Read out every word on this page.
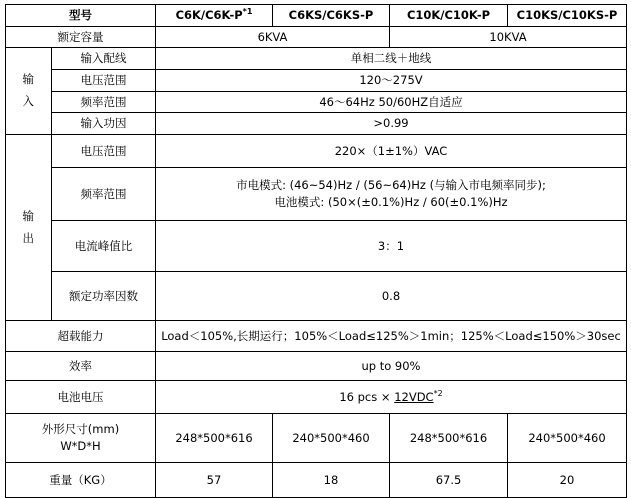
型号		$C6K/C6K-P^{*1}$	C6KS/C6KS-P	C10K/C10K-P	C10KS/C10KS-P
额定容量		6KVA		10KVA	

输
入	输入配线	单相二线＋地线			
	电压范围	120～275V			
	频率范围	46～64Hz 50/60HZ自适应			
	输入功因	>0.99			

输
出	电压范围	220×（1±1%）VAC			
	频率范围	市电模式: (46~54)Hz / (56~64)Hz (与输入市电频率同步);
电池模式: (50×(±0.1%)Hz / 60(±0.1%)Hz			

	电流峰值比	3：1			
	额定功率因数	0.8			
超载能力		Load＜105%,长期运行；105%＜Load≤125%＞1min；125%＜Load≤150%＞30sec			
效率		up to 90%			
电池电压		16 pcs × $12VDC^{*2}$

外形尺寸(mm)
W*D*H		248*500*616	240*500*460	248*500*616	240*500*460
重量（KG）		57	18	67.5	20
